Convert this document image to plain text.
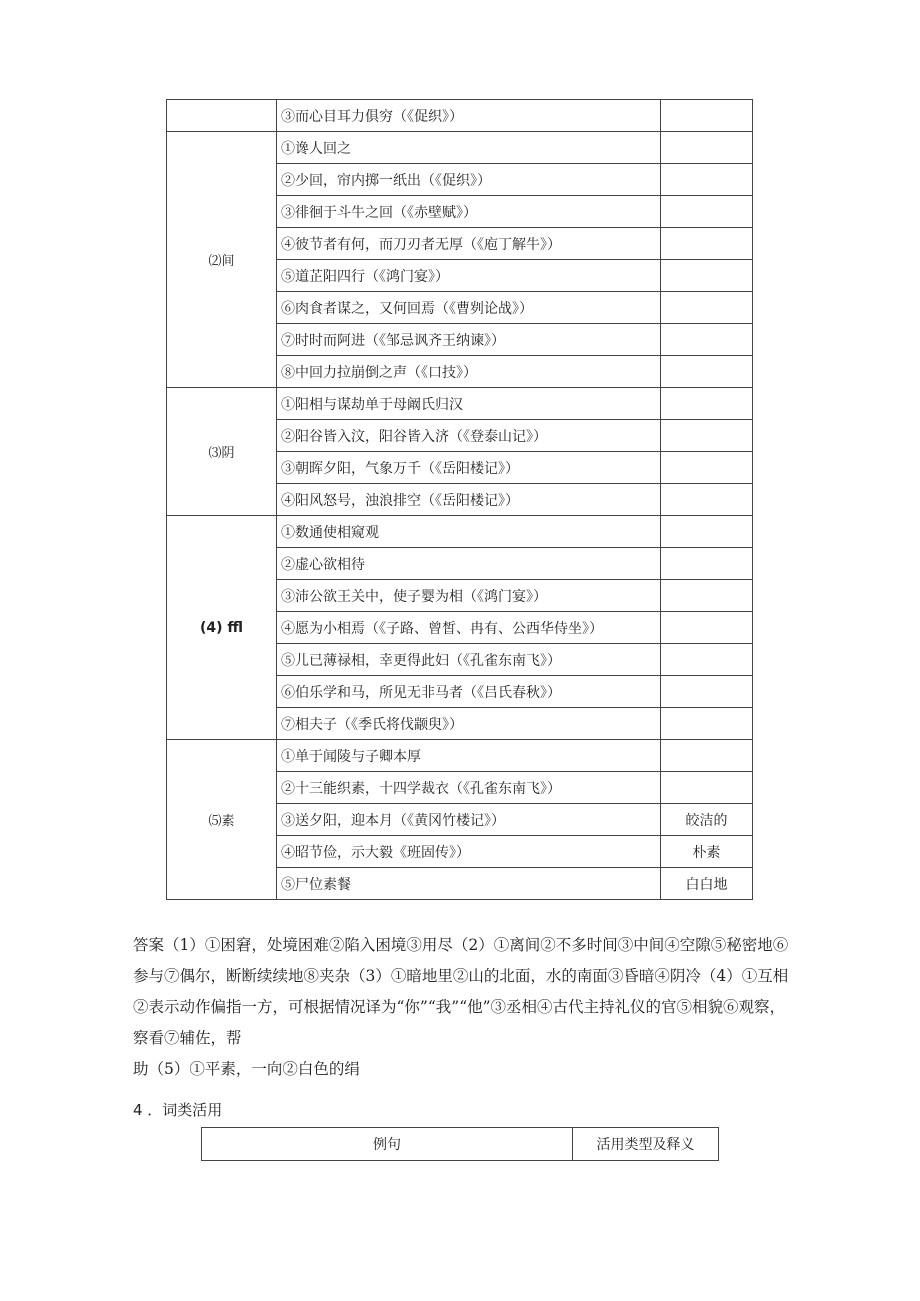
	③而心目耳力俱穷（《促织》）	
⑵间	①谗人回之	
	②少回，帘内掷一纸出（《促织》）	
	③徘徊于斗牛之回（《赤壁赋》）	
	④彼节者有何，而刀刃者无厚（《庖丁解牛》）	
	⑤道芷阳四行（《鸿门宴》）	
	⑥肉食者谋之，又何回焉（《曹刿论战》）	
	⑦时时而阿进（《邹忌讽齐王纳谏》）	
	⑧中回力拉崩倒之声（《口技》）	
⑶阴	①阳相与谋劫单于母阚氏归汉	
	②阳谷皆入汶，阳谷皆入济（《登泰山记》）	
	③朝晖夕阳，气象万千（《岳阳楼记》）	
	④阳风怒号，浊浪排空（《岳阳楼记》）	
(4) ffl	①数通使相窥观	
	②虚心欲相待	
	③沛公欲王关中，使子婴为相（《鸿门宴》）	
	④愿为小相焉（《子路、曾皙、冉有、公西华侍坐》）	
	⑤儿已薄禄相，幸更得此妇（《孔雀东南飞》）	
	⑥伯乐学和马，所见无非马者（《吕氏春秋》）	
	⑦相夫子（《季氏将伐颛臾》）	
⑸素	①单于闻陵与子卿本厚	
	②十三能织素，十四学裁衣（《孔雀东南飞》）	
	③送夕阳，迎本月（《黄冈竹楼记》）	皎洁的
	④昭节俭，示大毅《班固传》）	朴素
	⑤尸位素餐	白白地
答案（1）①困窘，处境困难②陷入困境③用尽（2）①离间②不多时间③中间④空隙⑤秘密地⑥参与⑦偶尔，断断续续地⑧夹杂（3）①暗地里②山的北面，水的南面③昏暗④阴冷（4）①互相②表示动作偏指一方，可根据情况译为“你”“我”“他”③丞相④古代主持礼仪的官⑤相貌⑥观察，察看⑦辅佐，帮
助（5）①平素，一向②白色的绢

4 ．词类活用

例句	活用类型及释义
